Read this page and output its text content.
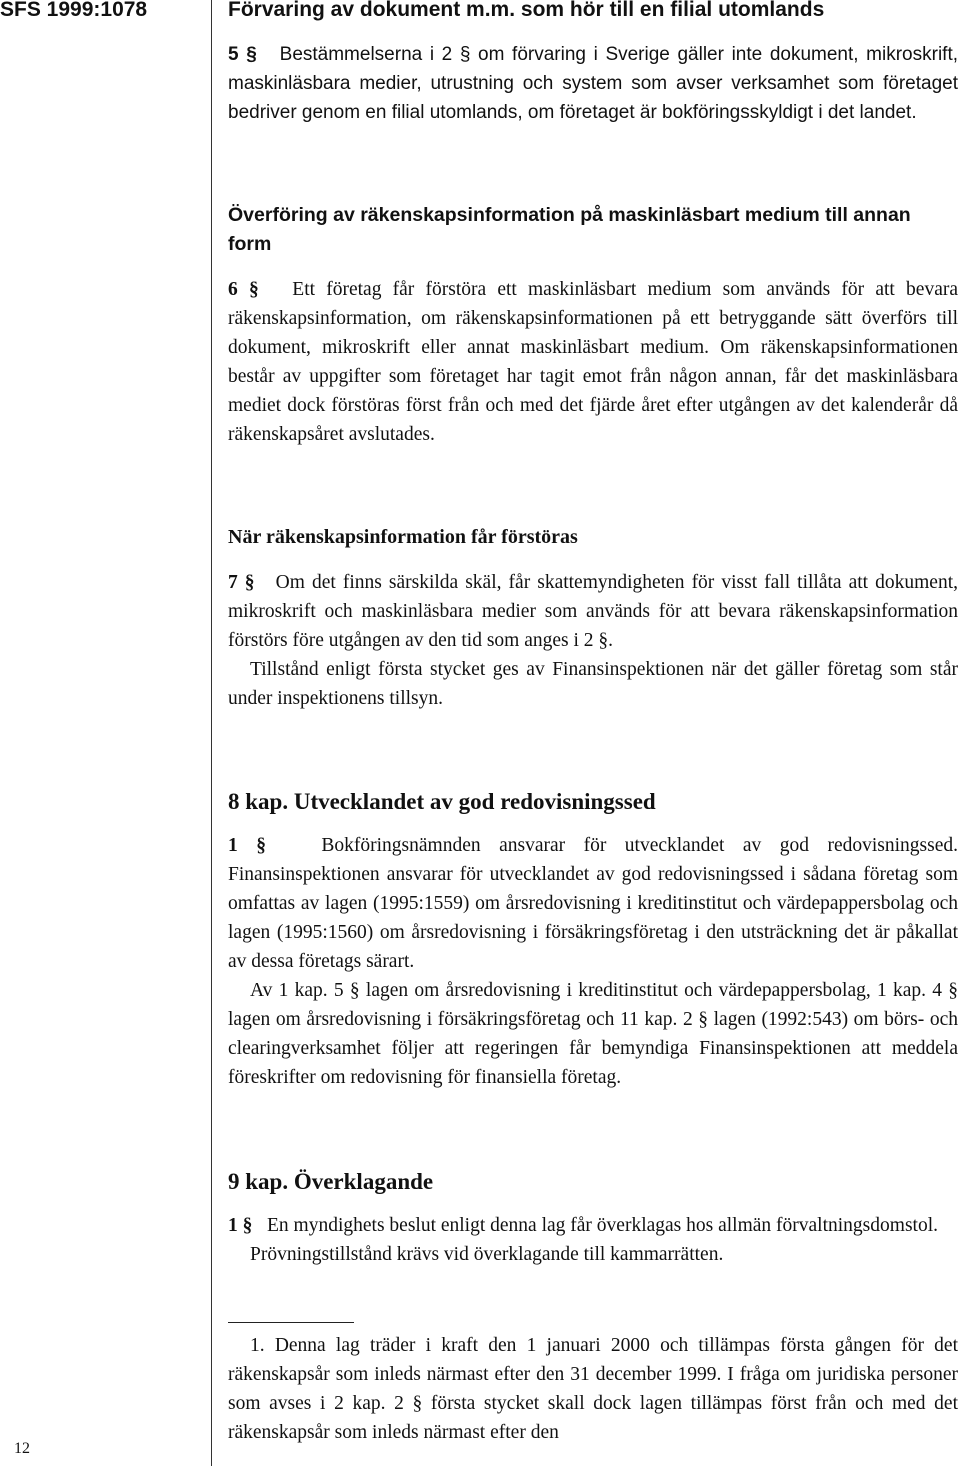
SFS 1999:1078
12
Förvaring av dokument m.m. som hör till en filial utomlands

5 § Bestämmelserna i 2 § om förvaring i Sverige gäller inte dokument, mikroskrift, maskinläsbara medier, utrustning och system som avser verksamhet som företaget bedriver genom en filial utomlands, om företaget är bokföringsskyldigt i det landet.

Överföring av räkenskapsinformation på maskinläsbart medium till annan form

6 § Ett företag får förstöra ett maskinläsbart medium som används för att bevara räkenskapsinformation, om räkenskapsinformationen på ett betryggande sätt överförs till dokument, mikroskrift eller annat maskinläsbart medium. Om räkenskapsinformationen består av uppgifter som företaget har tagit emot från någon annan, får det maskinläsbara mediet dock förstöras först från och med det fjärde året efter utgången av det kalenderår då räkenskapsåret avslutades.

När räkenskapsinformation får förstöras

7 § Om det finns särskilda skäl, får skattemyndigheten för visst fall tillåta att dokument, mikroskrift och maskinläsbara medier som används för att bevara räkenskapsinformation förstörs före utgången av den tid som anges i 2 §.

Tillstånd enligt första stycket ges av Finansinspektionen när det gäller företag som står under inspektionens tillsyn.

8 kap. Utvecklandet av god redovisningssed

1 §	Bokföringsnämnden ansvarar för utvecklandet av god redovisningssed. Finansinspektionen ansvarar för utvecklandet av god redovisningssed i sådana företag som omfattas av lagen (1995:1559) om årsredovisning i kreditinstitut och värdepappersbolag och lagen (1995:1560) om årsredovisning i försäkringsföretag i den utsträckning det är påkallat av dessa företags särart.

Av 1 kap. 5 § lagen om årsredovisning i kreditinstitut och värdepappersbolag, 1 kap. 4 § lagen om årsredovisning i försäkringsföretag och 11 kap. 2 § lagen (1992:543) om börs- och clearingverksamhet följer att regeringen får bemyndiga Finansinspektionen att meddela föreskrifter om redovisning för finansiella företag.

9 kap. Överklagande

1 § En myndighets beslut enligt denna lag får överklagas hos allmän förvaltningsdomstol.

Prövningstillstånd krävs vid överklagande till kammarrätten.

1. Denna lag träder i kraft den 1 januari 2000 och tillämpas första gången för det räkenskapsår som inleds närmast efter den 31 december 1999. I fråga om juridiska personer som avses i 2 kap. 2 § första stycket skall dock lagen tillämpas först från och med det räkenskapsår som inleds närmast efter den
